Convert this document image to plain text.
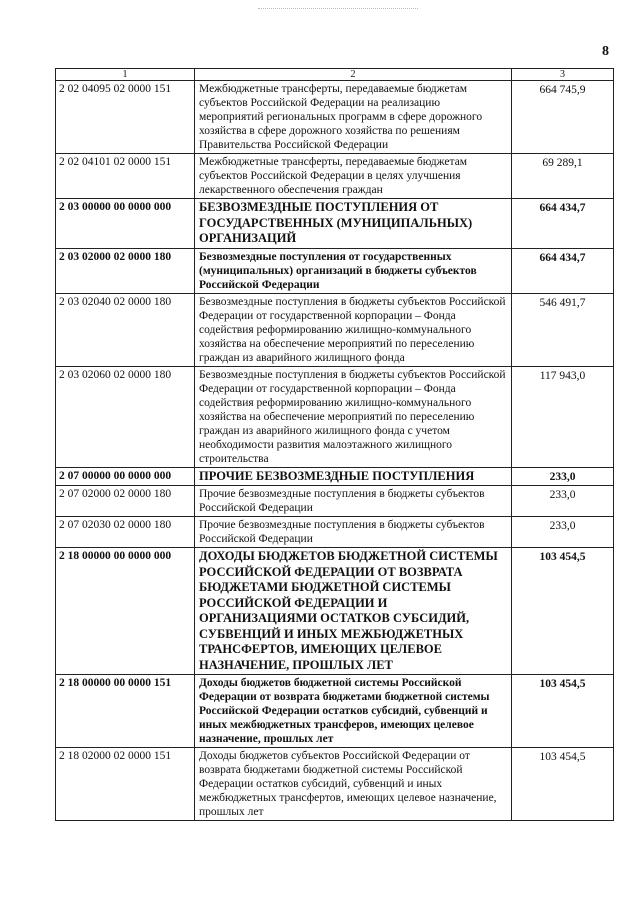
8
1	2	3
2 02 04095 02 0000 151	Межбюджетные трансферты, передаваемые бюджетам субъектов Российской Федерации на реализацию мероприятий региональных программ в сфере дорожного хозяйства в сфере дорожного хозяйства по решениям Правительства Российской Федерации	664 745,9
2 02 04101 02 0000 151	Межбюджетные трансферты, передаваемые бюджетам субъектов Российской Федерации в целях улучшения лекарственного обеспечения граждан	69 289,1
2 03 00000 00 0000 000	БЕЗВОЗМЕЗДНЫЕ ПОСТУПЛЕНИЯ ОТ ГОСУДАРСТВЕННЫХ (МУНИЦИПАЛЬНЫХ) ОРГАНИЗАЦИЙ	664 434,7
2 03 02000 02 0000 180	Безвозмездные поступления от государственных (муниципальных) организаций в бюджеты субъектов Российской Федерации	664 434,7
2 03 02040 02 0000 180	Безвозмездные поступления в бюджеты субъектов Российской Федерации от государственной корпорации – Фонда содействия реформированию жилищно-коммунального хозяйства на обеспечение мероприятий по переселению граждан из аварийного жилищного фонда	546 491,7
2 03 02060 02 0000 180	Безвозмездные поступления в бюджеты субъектов Российской Федерации от государственной корпорации – Фонда содействия реформированию жилищно-коммунального хозяйства на обеспечение мероприятий по переселению граждан из аварийного жилищного фонда с учетом необходимости развития малоэтажного жилищного строительства	117 943,0
2 07 00000 00 0000 000	ПРОЧИЕ БЕЗВОЗМЕЗДНЫЕ ПОСТУПЛЕНИЯ	233,0
2 07 02000 02 0000 180	Прочие безвозмездные поступления в бюджеты субъектов Российской Федерации	233,0
2 07 02030 02 0000 180	Прочие безвозмездные поступления в бюджеты субъектов Российской Федерации	233,0
2 18 00000 00 0000 000	ДОХОДЫ БЮДЖЕТОВ БЮДЖЕТНОЙ СИСТЕМЫ РОССИЙСКОЙ ФЕДЕРАЦИИ ОТ ВОЗВРАТА БЮДЖЕТАМИ БЮДЖЕТНОЙ СИСТЕМЫ РОССИЙСКОЙ ФЕДЕРАЦИИ И ОРГАНИЗАЦИЯМИ ОСТАТКОВ СУБСИДИЙ, СУБВЕНЦИЙ И ИНЫХ МЕЖБЮДЖЕТНЫХ ТРАНСФЕРТОВ, ИМЕЮЩИХ ЦЕЛЕВОЕ НАЗНАЧЕНИЕ, ПРОШЛЫХ ЛЕТ	103 454,5
2 18 00000 00 0000 151	Доходы бюджетов бюджетной системы Российской Федерации от возврата бюджетами бюджетной системы Российской Федерации остатков субсидий, субвенций и иных межбюджетных трансферов, имеющих целевое назначение, прошлых лет	103 454,5
2 18 02000 02 0000 151	Доходы бюджетов субъектов Российской Федерации от возврата бюджетами бюджетной системы Российской Федерации остатков субсидий, субвенций и иных межбюджетных трансфертов, имеющих целевое назначение, прошлых лет	103 454,5
